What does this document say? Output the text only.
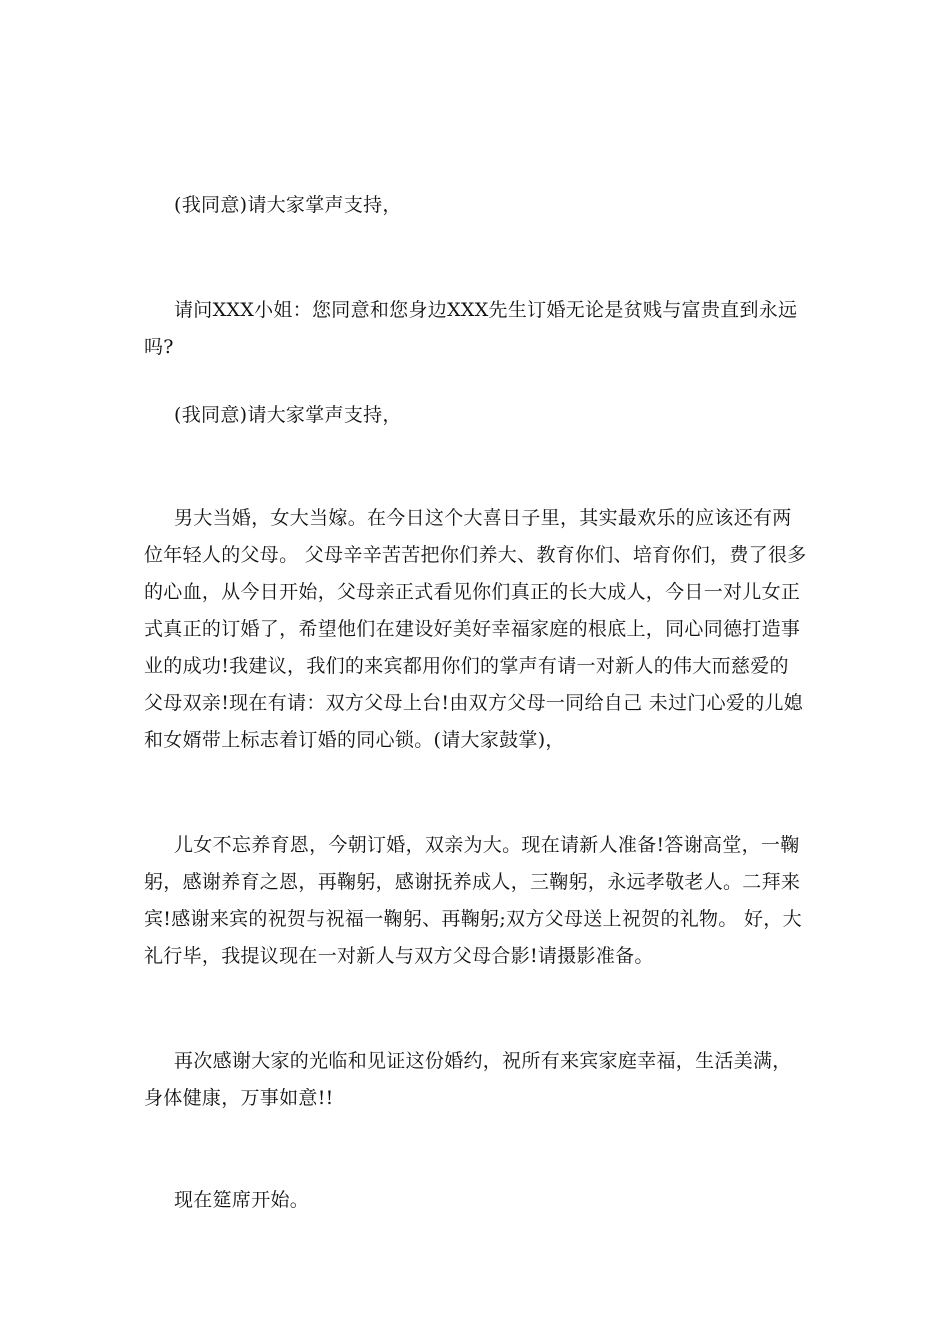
(我同意)请大家掌声支持，

请问XXX小姐：您同意和您身边XXX先生订婚无论是贫贱与富贵直到永远吗?

(我同意)请大家掌声支持，

男大当婚，女大当嫁。在今日这个大喜日子里，其实最欢乐的应该还有两位年轻人的父母。 父母辛辛苦苦把你们养大、教育你们、培育你们，费了很多的心血，从今日开始，父母亲正式看见你们真正的长大成人，今日一对儿女正式真正的订婚了，希望他们在建设好美好幸福家庭的根底上，同心同德打造事业的成功!我建议，我们的来宾都用你们的掌声有请一对新人的伟大而慈爱的父母双亲!现在有请：双方父母上台!由双方父母一同给自己 未过门心爱的儿媳和女婿带上标志着订婚的同心锁。(请大家鼓掌)，

儿女不忘养育恩，今朝订婚，双亲为大。现在请新人准备!答谢高堂，一鞠躬，感谢养育之恩，再鞠躬，感谢抚养成人，三鞠躬，永远孝敬老人。二拜来宾!感谢来宾的祝贺与祝福一鞠躬、再鞠躬;双方父母送上祝贺的礼物。 好，大礼行毕，我提议现在一对新人与双方父母合影!请摄影准备。

再次感谢大家的光临和见证这份婚约，祝所有来宾家庭幸福，生活美满，身体健康，万事如意!!

现在筵席开始。
